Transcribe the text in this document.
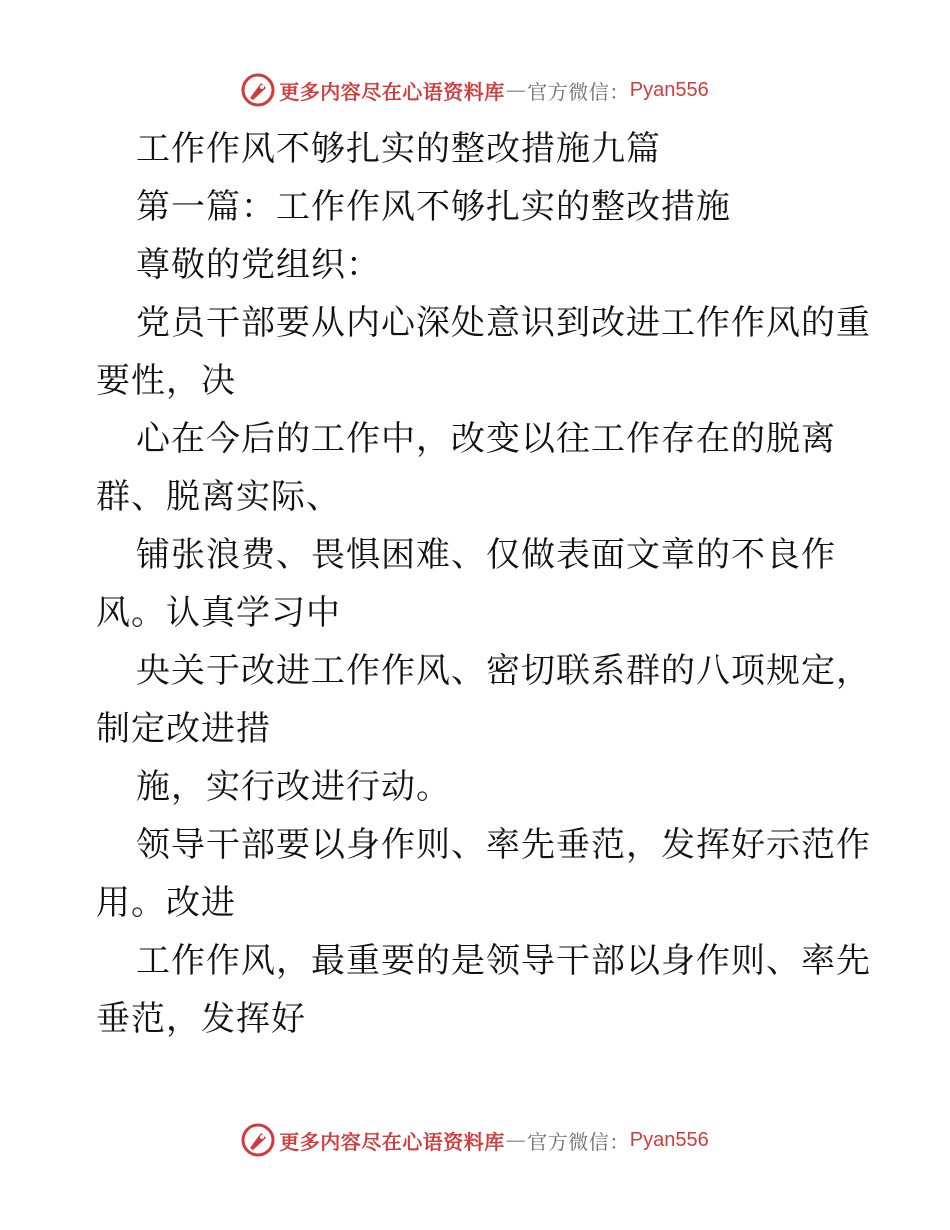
更多内容尽在心语资料库 — 官方微信： Pyan556
工作作风不够扎实的整改措施九篇
第一篇：工作作风不够扎实的整改措施
尊敬的党组织：
党员干部要从内心深处意识到改进工作作风的重
要性，决
心在今后的工作中，改变以往工作存在的脱离
群、脱离实际、
铺张浪费、畏惧困难、仅做表面文章的不良作
风。认真学习中
央关于改进工作作风、密切联系群的八项规定，
制定改进措
施，实行改进行动。
领导干部要以身作则、率先垂范，发挥好示范作
用。改进
工作作风，最重要的是领导干部以身作则、率先
垂范，发挥好
更多内容尽在心语资料库 — 官方微信： Pyan556
